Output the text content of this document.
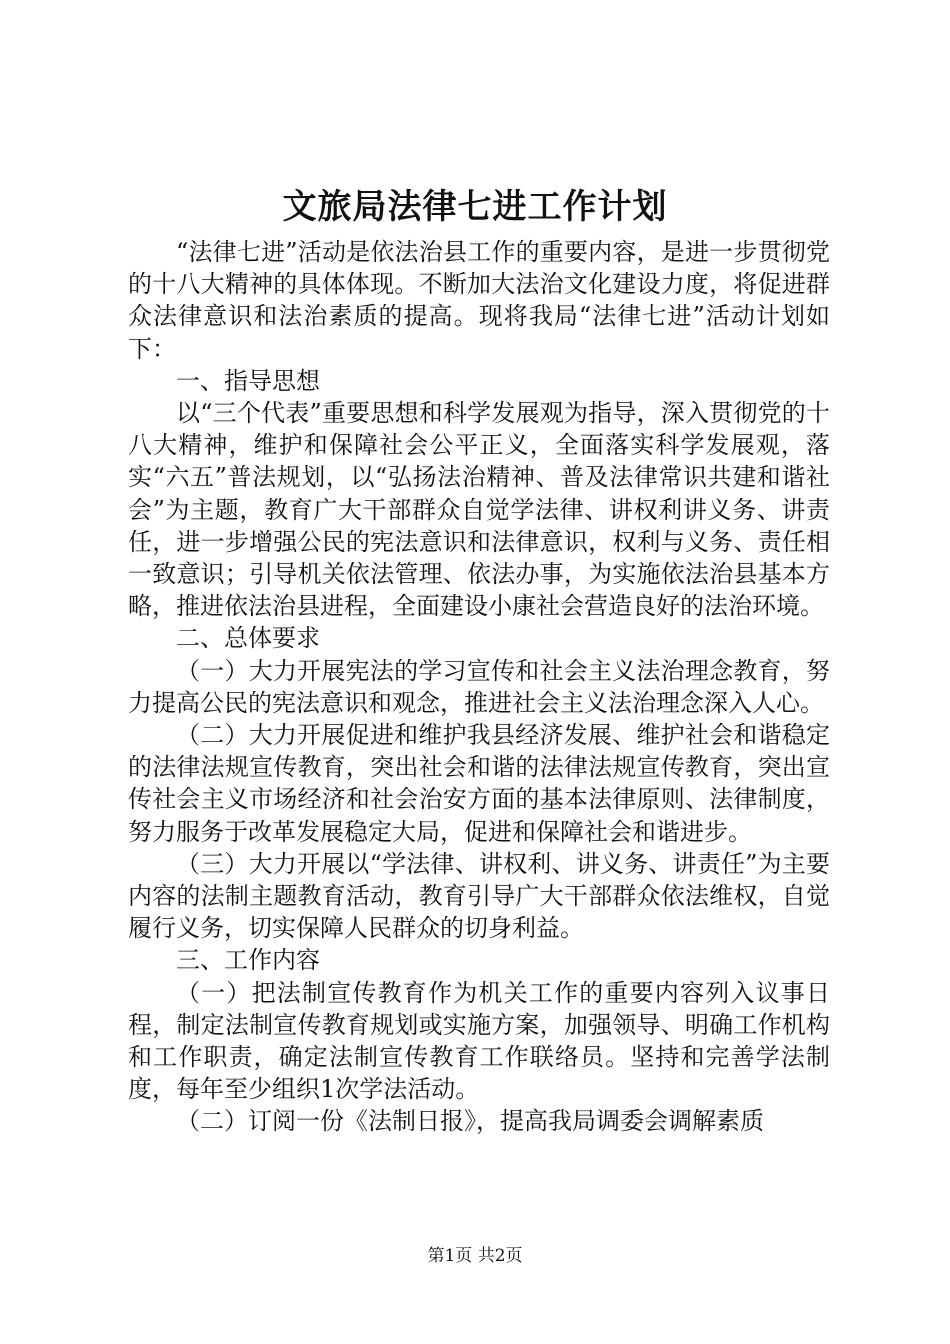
文旅局法律七进工作计划

“法律七进”活动是依法治县工作的重要内容，是进一步贯彻党的十八大精神的具体体现。不断加大法治文化建设力度，将促进群众法律意识和法治素质的提高。现将我局“法律七进”活动计划如下：

一、指导思想

以“三个代表”重要思想和科学发展观为指导，深入贯彻党的十八大精神，维护和保障社会公平正义，全面落实科学发展观，落实“六五”普法规划，以“弘扬法治精神、普及法律常识共建和谐社会”为主题，教育广大干部群众自觉学法律、讲权利讲义务、讲责任，进一步增强公民的宪法意识和法律意识，权利与义务、责任相一致意识；引导机关依法管理、依法办事，为实施依法治县基本方略，推进依法治县进程，全面建设小康社会营造良好的法治环境。

二、总体要求

（一）大力开展宪法的学习宣传和社会主义法治理念教育，努力提高公民的宪法意识和观念，推进社会主义法治理念深入人心。

（二）大力开展促进和维护我县经济发展、维护社会和谐稳定的法律法规宣传教育，突出社会和谐的法律法规宣传教育，突出宣传社会主义市场经济和社会治安方面的基本法律原则、法律制度，努力服务于改革发展稳定大局，促进和保障社会和谐进步。

（三）大力开展以“学法律、讲权利、讲义务、讲责任”为主要内容的法制主题教育活动，教育引导广大干部群众依法维权，自觉履行义务，切实保障人民群众的切身利益。

三、工作内容

（一）把法制宣传教育作为机关工作的重要内容列入议事日程，制定法制宣传教育规划或实施方案，加强领导、明确工作机构和工作职责，确定法制宣传教育工作联络员。坚持和完善学法制度，每年至少组织1次学法活动。

（二）订阅一份《法制日报》，提高我局调委会调解素质

第1页 共2页
